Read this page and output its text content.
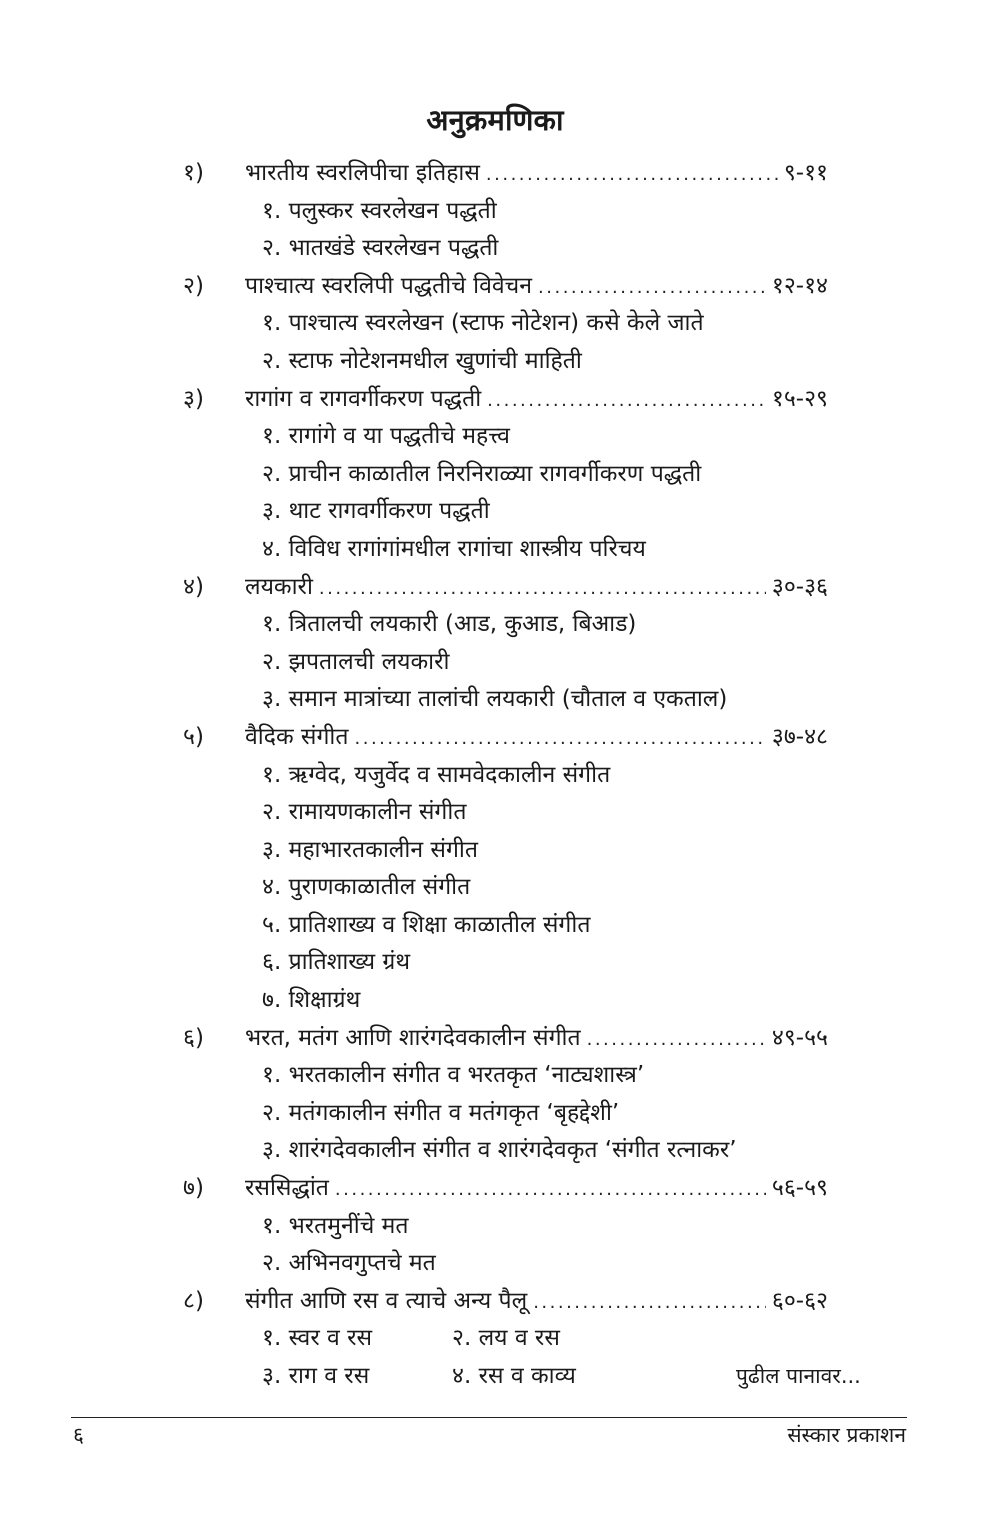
अनुक्रमणिका
१)	भारतीय स्वरलिपीचा इतिहास .....	९-११
१. पलुस्कर स्वरलेखन पद्धती
२. भातखंडे स्वरलेखन पद्धती
२)	पाश्चात्य स्वरलिपी पद्धतीचे विवेचन .....	१२-१४
१. पाश्चात्य स्वरलेखन (स्टाफ नोटेशन) कसे केले जाते
२. स्टाफ नोटेशनमधील खुणांची माहिती
३)	रागांग व रागवर्गीकरण पद्धती .....	१५-२९
१. रागांगे व या पद्धतीचे महत्त्व
२. प्राचीन काळातील निरनिराळ्या रागवर्गीकरण पद्धती
३. थाट रागवर्गीकरण पद्धती
४. विविध रागांगांमधील रागांचा शास्त्रीय परिचय
४)	लयकारी .....	३०-३६
१. त्रितालची लयकारी (आड, कुआड, बिआड)
२. झपतालची लयकारी
३. समान मात्रांच्या तालांची लयकारी (चौताल व एकताल)
५)	वैदिक संगीत .....	३७-४८
१. ऋग्वेद, यजुर्वेद व सामवेदकालीन संगीत
२. रामायणकालीन संगीत
३. महाभारतकालीन संगीत
४. पुराणकाळातील संगीत
५. प्रातिशाख्य व शिक्षा काळातील संगीत
६. प्रातिशाख्य ग्रंथ
७. शिक्षाग्रंथ
६)	भरत, मतंग आणि शारंगदेवकालीन संगीत .....	४९-५५
१. भरतकालीन संगीत व भरतकृत ‘नाट्यशास्त्र’
२. मतंगकालीन संगीत व मतंगकृत ‘बृहद्देशी’
३. शारंगदेवकालीन संगीत व शारंगदेवकृत ‘संगीत रत्नाकर’
७)	रससिद्धांत .....	५६-५९
१. भरतमुनींचे मत
२. अभिनवगुप्तचे मत
८)	संगीत आणि रस व त्याचे अन्य पैलू .....	६०-६२
१. स्वर व रस	२. लय व रस
३. राग व रस	४. रस व काव्य	पुढील पानावर...
६	संस्कार प्रकाशन
